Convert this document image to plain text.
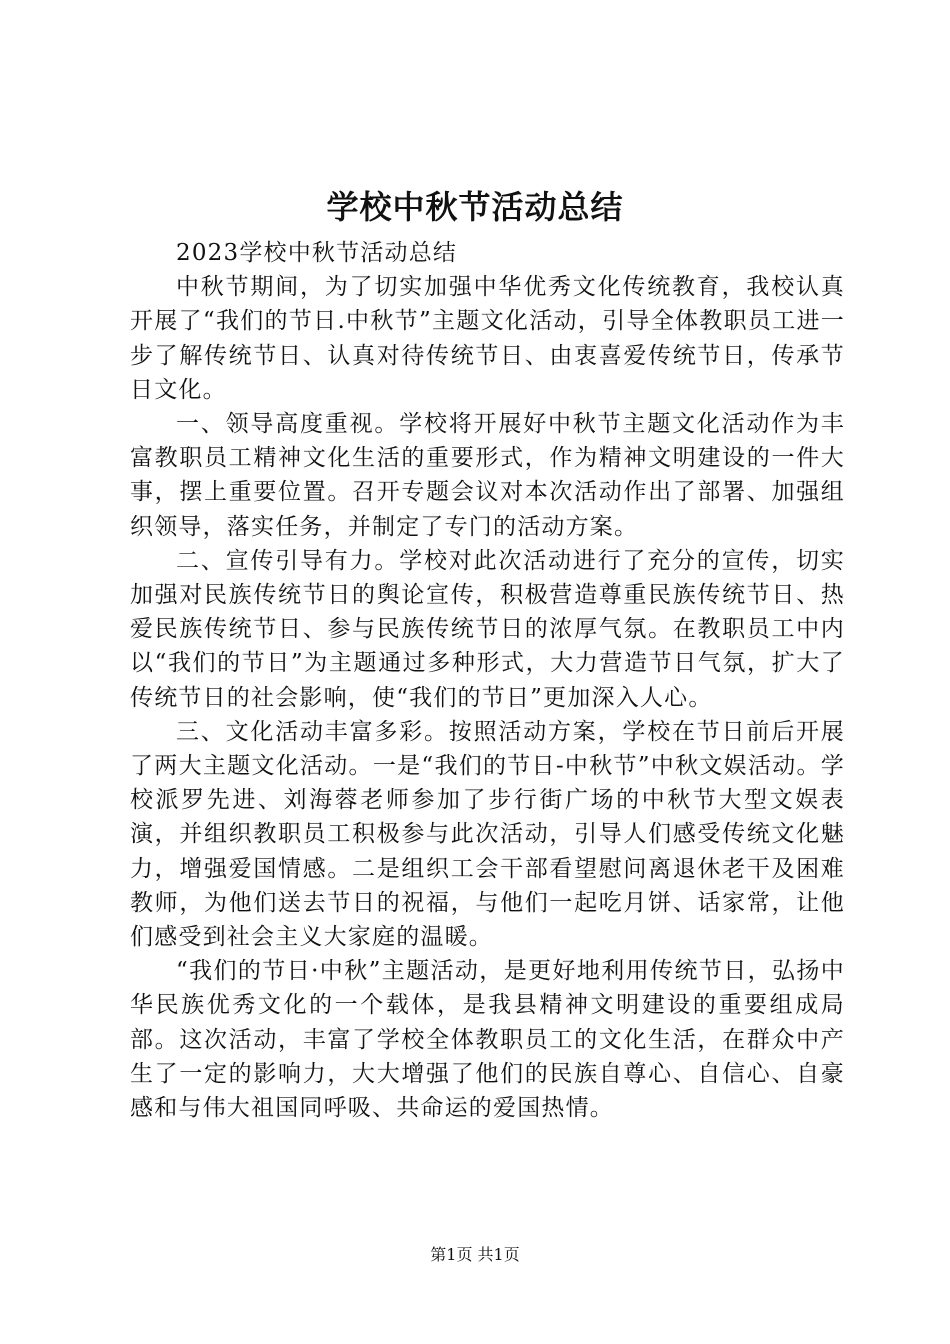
学校中秋节活动总结

2023学校中秋节活动总结

中秋节期间，为了切实加强中华优秀文化传统教育，我校认真开展了“我们的节日.中秋节”主题文化活动，引导全体教职员工进一步了解传统节日、认真对待传统节日、由衷喜爱传统节日，传承节日文化。

一、领导高度重视。学校将开展好中秋节主题文化活动作为丰富教职员工精神文化生活的重要形式，作为精神文明建设的一件大事，摆上重要位置。召开专题会议对本次活动作出了部署、加强组织领导，落实任务，并制定了专门的活动方案。

二、宣传引导有力。学校对此次活动进行了充分的宣传，切实加强对民族传统节日的舆论宣传，积极营造尊重民族传统节日、热爱民族传统节日、参与民族传统节日的浓厚气氛。在教职员工中内以“我们的节日”为主题通过多种形式，大力营造节日气氛，扩大了传统节日的社会影响，使“我们的节日”更加深入人心。

三、文化活动丰富多彩。按照活动方案，学校在节日前后开展了两大主题文化活动。一是“我们的节日-中秋节”中秋文娱活动。学校派罗先进、刘海蓉老师参加了步行街广场的中秋节大型文娱表演，并组织教职员工积极参与此次活动，引导人们感受传统文化魅力，增强爱国情感。二是组织工会干部看望慰问离退休老干及困难教师，为他们送去节日的祝福，与他们一起吃月饼、话家常，让他们感受到社会主义大家庭的温暖。

“我们的节日·中秋”主题活动，是更好地利用传统节日，弘扬中华民族优秀文化的一个载体，是我县精神文明建设的重要组成局部。这次活动，丰富了学校全体教职员工的文化生活，在群众中产生了一定的影响力，大大增强了他们的民族自尊心、自信心、自豪感和与伟大祖国同呼吸、共命运的爱国热情。

第1页 共1页
